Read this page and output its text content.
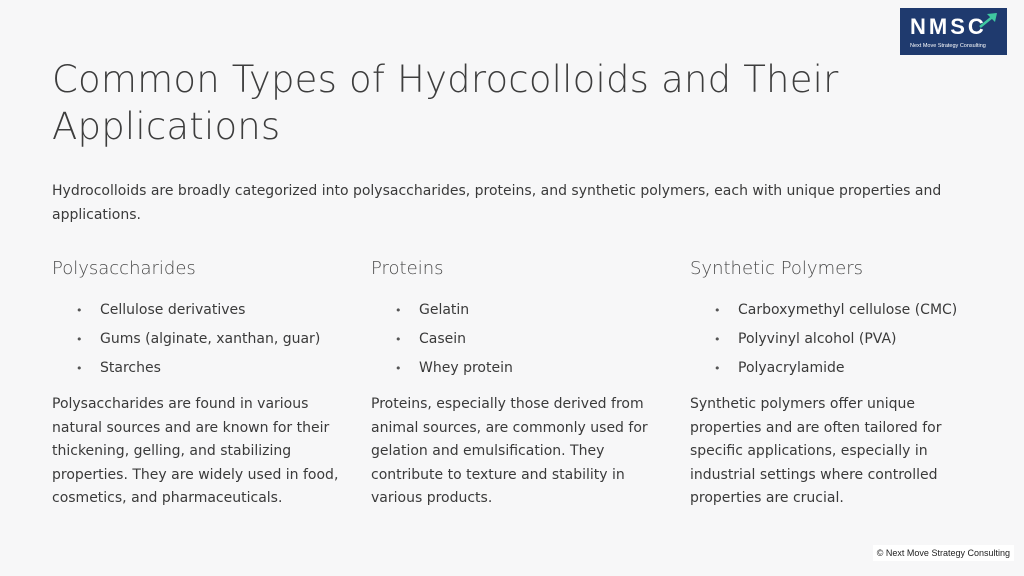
NMSC
Next Move Strategy Consulting
Common Types of Hydrocolloids and Their Applications

Hydrocolloids are broadly categorized into polysaccharides, proteins, and synthetic polymers, each with unique properties and applications.

Polysaccharides
• Cellulose derivatives
• Gums (alginate, xanthan, guar)
• Starches

Polysaccharides are found in various natural sources and are known for their thickening, gelling, and stabilizing properties. They are widely used in food, cosmetics, and pharmaceuticals.

Proteins
• Gelatin
• Casein
• Whey protein

Proteins, especially those derived from animal sources, are commonly used for gelation and emulsification. They contribute to texture and stability in various products.

Synthetic Polymers
• Carboxymethyl cellulose (CMC)
• Polyvinyl alcohol (PVA)
• Polyacrylamide

Synthetic polymers offer unique properties and are often tailored for specific applications, especially in industrial settings where controlled properties are crucial.

© Next Move Strategy Consulting
